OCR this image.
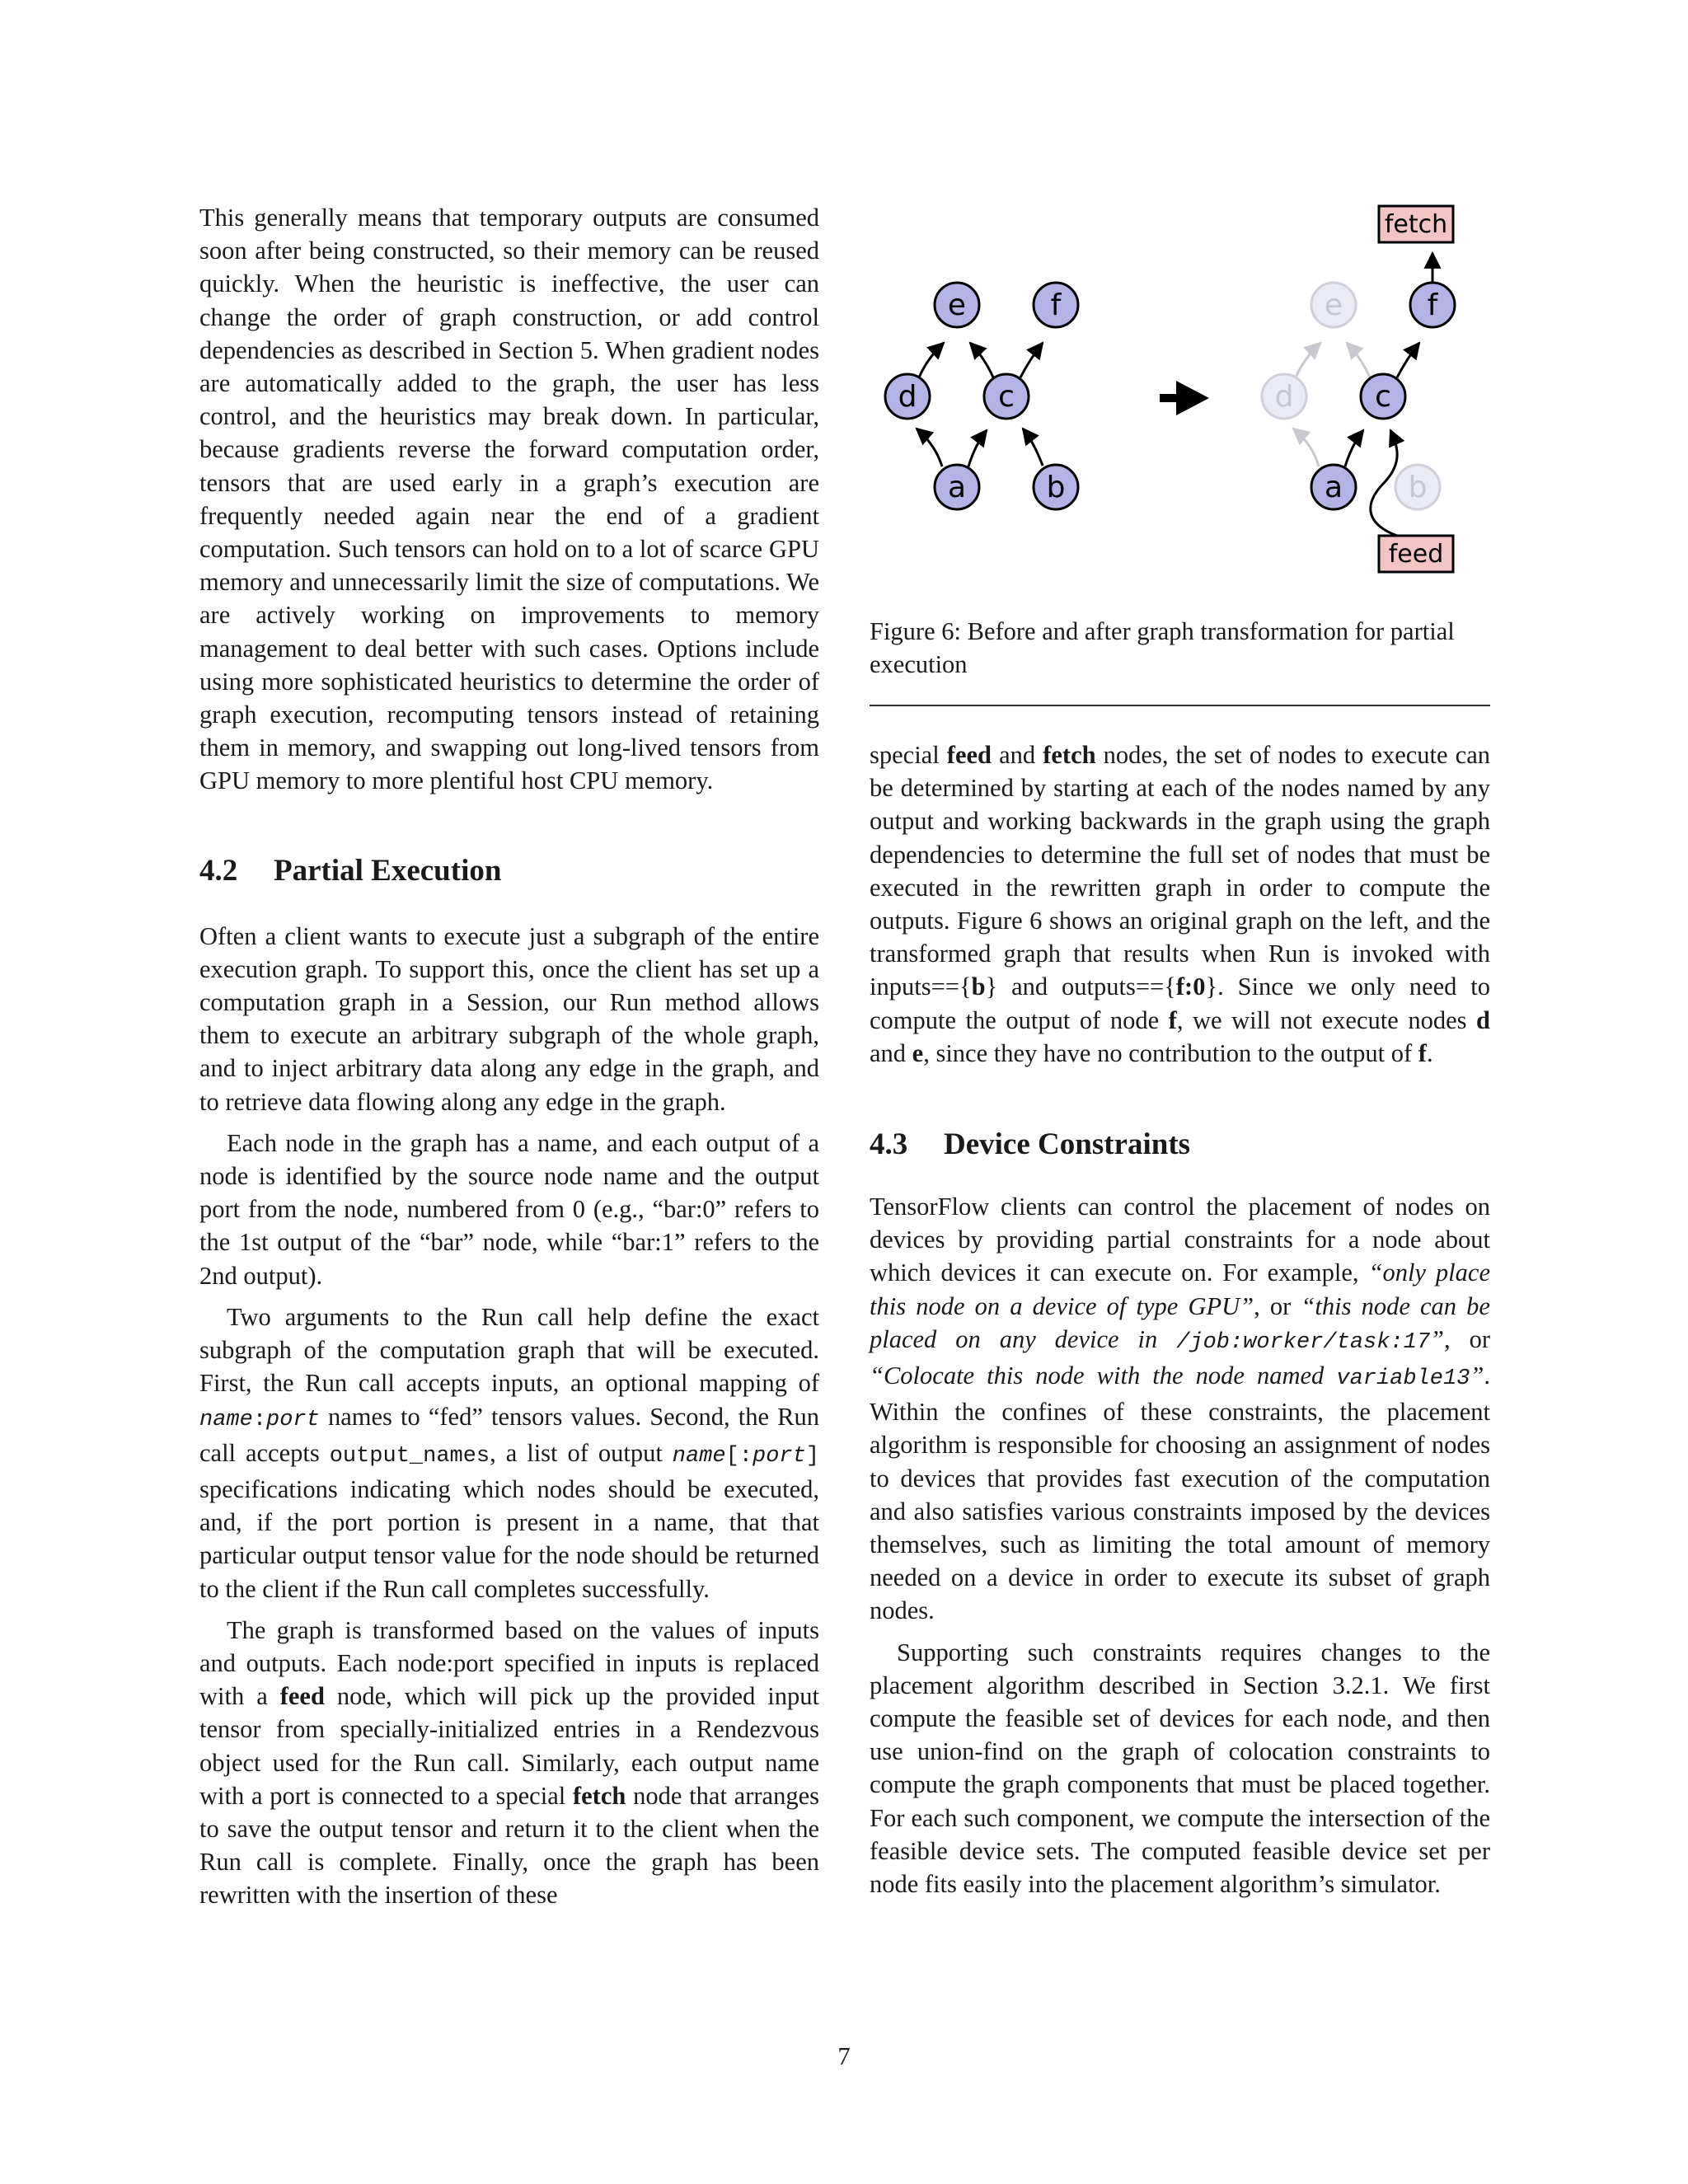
This generally means that temporary outputs are consumed soon after being constructed, so their memory can be reused quickly. When the heuristic is ineffective, the user can change the order of graph construction, or add control dependencies as described in Section 5. When gradient nodes are automatically added to the graph, the user has less control, and the heuristics may break down. In particular, because gradients reverse the forward computation order, tensors that are used early in a graph’s execution are frequently needed again near the end of a gradient computation. Such tensors can hold on to a lot of scarce GPU memory and unnecessarily limit the size of computations. We are actively working on improvements to memory management to deal better with such cases. Options include using more sophisticated heuristics to determine the order of graph execution, recomputing tensors instead of retaining them in memory, and swapping out long-lived tensors from GPU memory to more plentiful host CPU memory.

4.2 Partial Execution

Often a client wants to execute just a subgraph of the entire execution graph. To support this, once the client has set up a computation graph in a Session, our Run method allows them to execute an arbitrary subgraph of the whole graph, and to inject arbitrary data along any edge in the graph, and to retrieve data flowing along any edge in the graph.

Each node in the graph has a name, and each output of a node is identified by the source node name and the output port from the node, numbered from 0 (e.g., “bar:0” refers to the 1st output of the “bar” node, while “bar:1” refers to the 2nd output).

Two arguments to the Run call help define the exact subgraph of the computation graph that will be executed. First, the Run call accepts inputs, an optional mapping of name:port names to “fed” tensors values. Second, the Run call accepts output_names, a list of output name[:port] specifications indicating which nodes should be executed, and, if the port portion is present in a name, that that particular output tensor value for the node should be returned to the client if the Run call completes successfully.

The graph is transformed based on the values of inputs and outputs. Each node:port specified in inputs is replaced with a feed node, which will pick up the provided input tensor from specially-initialized entries in a Rendezvous object used for the Run call. Similarly, each output name with a port is connected to a special fetch node that arranges to save the output tensor and return it to the client when the Run call is complete. Finally, once the graph has been rewritten with the insertion of these

e	f
d	c
a	b
fetch
e	f
d	c
a b
feed
Figure 6: Before and after graph transformation for partial execution

special feed and fetch nodes, the set of nodes to execute can be determined by starting at each of the nodes named by any output and working backwards in the graph using the graph dependencies to determine the full set of nodes that must be executed in the rewritten graph in order to compute the outputs. Figure 6 shows an original graph on the left, and the transformed graph that results when Run is invoked with inputs=={b} and outputs=={f:0}. Since we only need to compute the output of node f, we will not execute nodes d and e, since they have no contribution to the output of f.

4.3 Device Constraints

TensorFlow clients can control the placement of nodes on devices by providing partial constraints for a node about which devices it can execute on. For example, “only place this node on a device of type GPU”, or “this node can be placed on any device in /job:worker/task:17”, or “Colocate this node with the node named variable13”. Within the confines of these constraints, the placement algorithm is responsible for choosing an assignment of nodes to devices that provides fast execution of the computation and also satisfies various constraints imposed by the devices themselves, such as limiting the total amount of memory needed on a device in order to execute its subset of graph nodes.

Supporting such constraints requires changes to the placement algorithm described in Section 3.2.1. We first compute the feasible set of devices for each node, and then use union-find on the graph of colocation constraints to compute the graph components that must be placed together. For each such component, we compute the intersection of the feasible device sets. The computed feasible device set per node fits easily into the placement algorithm’s simulator.

7
